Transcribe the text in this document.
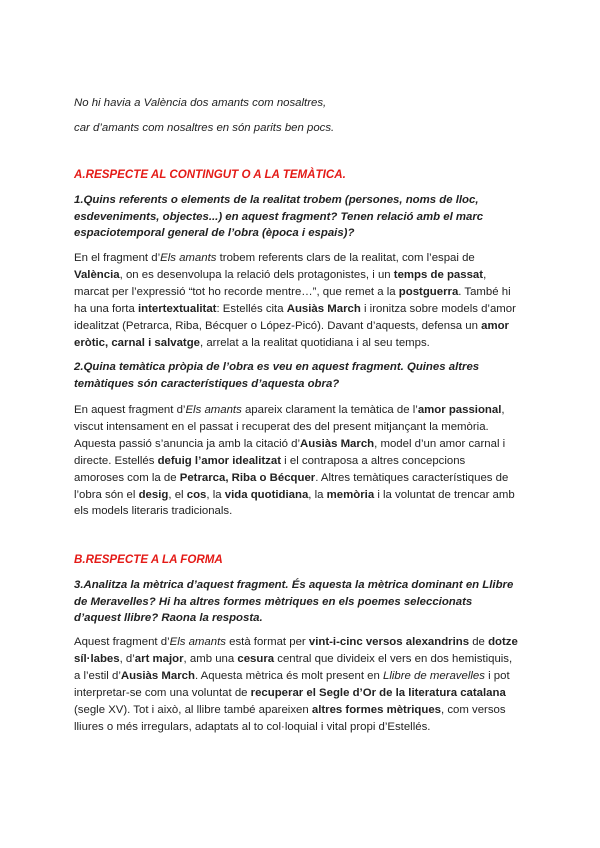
No hi havia a València dos amants com nosaltres,
car d’amants com nosaltres en són parits ben pocs.
A.RESPECTE AL CONTINGUT O A LA TEMÀTICA.
1.Quins referents o elements de la realitat trobem (persones, noms de lloc, esdeveniments, objectes...) en aquest fragment? Tenen relació amb el marc espaciotemporal general de l’obra (època i espais)?
En el fragment d’Els amants trobem referents clars de la realitat, com l’espai de València, on es desenvolupa la relació dels protagonistes, i un temps de passat, marcat per l’expressió “tot ho recorde mentre…”, que remet a la postguerra. També hi ha una forta intertextualitat: Estellés cita Ausiàs March i ironitza sobre models d’amor idealitzat (Petrarca, Riba, Bécquer o López-Picó). Davant d’aquests, defensa un amor eròtic, carnal i salvatge, arrelat a la realitat quotidiana i al seu temps.
2.Quina temàtica pròpia de l’obra es veu en aquest fragment. Quines altres temàtiques són característiques d’aquesta obra?
En aquest fragment d’Els amants apareix clarament la temàtica de l’amor passional, viscut intensament en el passat i recuperat des del present mitjançant la memòria. Aquesta passió s’anuncia ja amb la citació d’Ausiàs March, model d’un amor carnal i directe. Estellés defuig l’amor idealitzat i el contraposa a altres concepcions amoroses com la de Petrarca, Riba o Bécquer. Altres temàtiques característiques de l’obra són el desig, el cos, la vida quotidiana, la memòria i la voluntat de trencar amb els models literaris tradicionals.
B.RESPECTE A LA FORMA
3.Analitza la mètrica d’aquest fragment. És aquesta la mètrica dominant en Llibre de Meravelles? Hi ha altres formes mètriques en els poemes seleccionats d’aquest llibre? Raona la resposta.
Aquest fragment d’Els amants està format per vint-i-cinc versos alexandrins de dotze síl·labes, d’art major, amb una cesura central que divideix el vers en dos hemistiquis, a l’estil d’Ausiàs March. Aquesta mètrica és molt present en Llibre de meravelles i pot interpretar-se com una voluntat de recuperar el Segle d’Or de la literatura catalana (segle XV). Tot i això, al llibre també apareixen altres formes mètriques, com versos lliures o més irregulars, adaptats al to col·loquial i vital propi d’Estellés.
